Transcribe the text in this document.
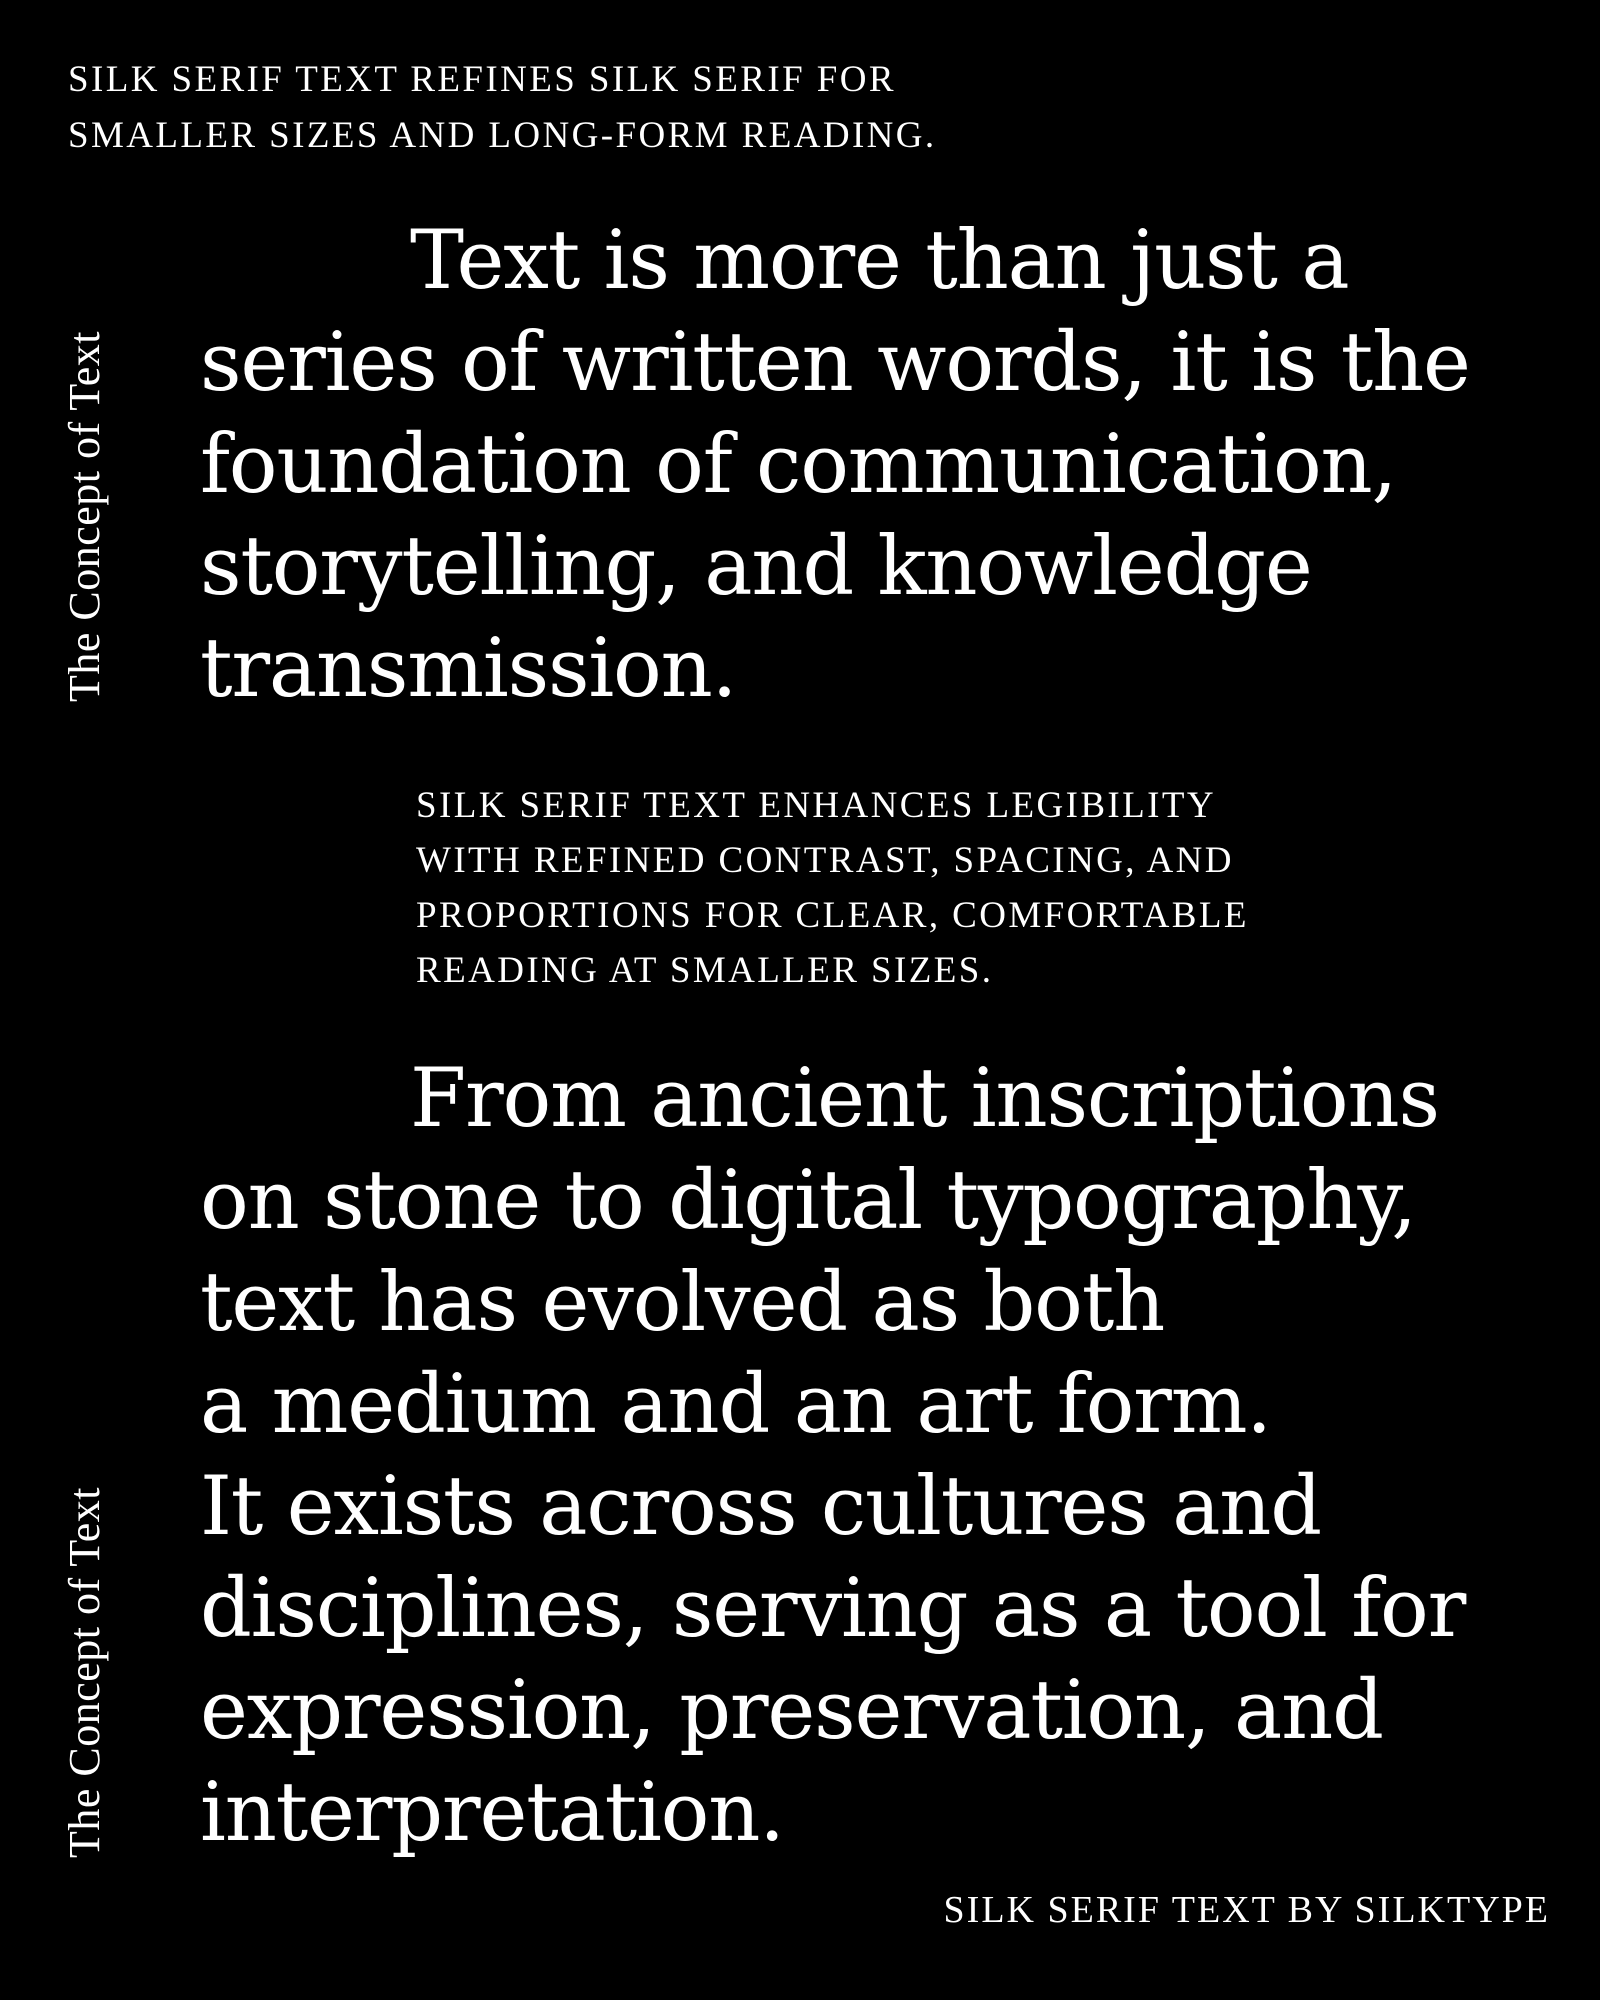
SILK SERIF TEXT REFINES SILK SERIF FOR
SMALLER SIZES AND LONG-FORM READING.
The Concept of Text
Text is more than just a
series of written words, it is the
foundation of communication,
storytelling, and knowledge
transmission.
SILK SERIF TEXT ENHANCES LEGIBILITY
WITH REFINED CONTRAST, SPACING, AND
PROPORTIONS FOR CLEAR, COMFORTABLE
READING AT SMALLER SIZES.
From ancient inscriptions
on stone to digital typography,
text has evolved as both
a medium and an art form.
It exists across cultures and
disciplines, serving as a tool for
expression, preservation, and
interpretation.
The Concept of Text
SILK SERIF TEXT BY SILKTYPE
